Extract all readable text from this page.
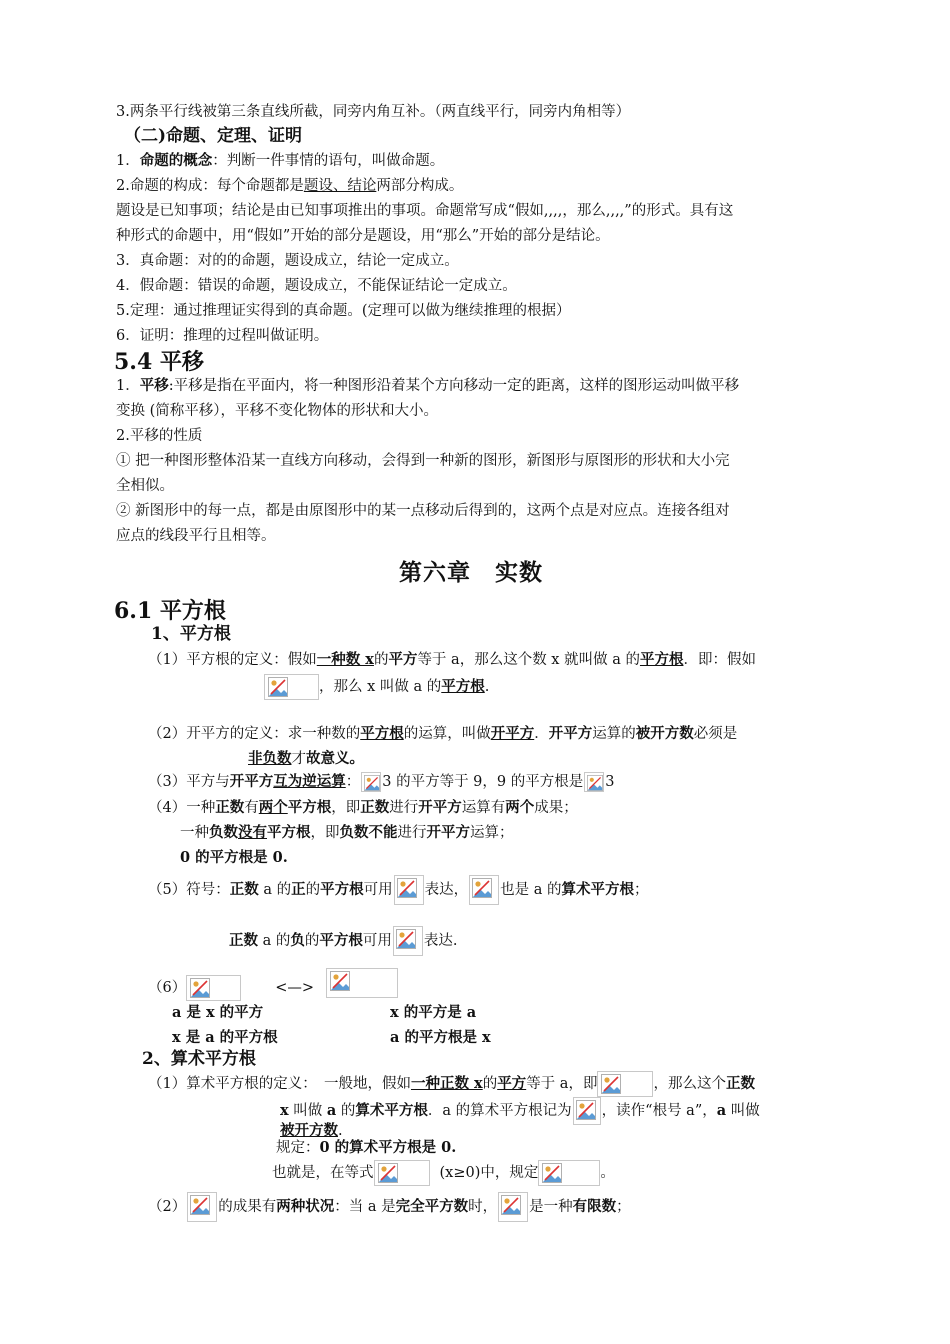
3.两条平行线被第三条直线所截，同旁内角互补。（两直线平行，同旁内角相等）
（二)命题、定理、证明
1．命题的概念：判断一件事情的语句，叫做命题。
2.命题的构成：每个命题都是题设、结论两部分构成。
题设是已知事项；结论是由已知事项推出的事项。命题常写成“假如,,,,，那么,,,,”的形式。具有这
种形式的命题中，用“假如”开始的部分是题设，用“那么”开始的部分是结论。
3．真命题：对的的命题，题设成立，结论一定成立。
4．假命题：错误的命题，题设成立，不能保证结论一定成立。
5.定理：通过推理证实得到的真命题。(定理可以做为继续推理的根据）
6．证明：推理的过程叫做证明。
5.4 平移
1．平移:平移是指在平面内，将一种图形沿着某个方向移动一定的距离，这样的图形运动叫做平移
变换 (简称平移），平移不变化物体的形状和大小。
2.平移的性质
① 把一种图形整体沿某一直线方向移动，会得到一种新的图形，新图形与原图形的形状和大小完
全相似。
② 新图形中的每一点，都是由原图形中的某一点移动后得到的，这两个点是对应点。连接各组对
应点的线段平行且相等。
第六章　实数
6.1 平方根
1、平方根
（1）平方根的定义：假如一种数 x的平方等于 a，那么这个数 x 就叫做 a 的平方根．即：假如
，那么 x 叫做 a 的平方根.
（2）开平方的定义：求一种数的平方根的运算，叫做开平方．开平方运算的被开方数必须是
非负数才故意义。
（3）平方与开平方互为逆运算： 3 的平方等于 9，9 的平方根是 3
（4）一种正数有两个平方根，即正数进行开平方运算有两个成果；
一种负数没有平方根，即负数不能进行开平方运算；
0 的平方根是 0.
（5）符号：正数 a 的正的平方根可用 表达， 也是 a 的算术平方根；
正数 a 的负的平方根可用 表达.
（6）	<—>
a 是 x 的平方	x 的平方是 a
x 是 a 的平方根	a 的平方根是 x
2、算术平方根
（1）算术平方根的定义：　一般地，假如一种正数 x的平方等于 a，即	，那么这个正数
x 叫做 a 的算术平方根．a 的算术平方根记为 ，读作“根号 a”，a 叫做
被开方数.
规定：0 的算术平方根是 0.
也就是，在等式	(x≥0)中，规定	。
（2） 的成果有两种状况：当 a 是完全平方数时， 是一种有限数；
